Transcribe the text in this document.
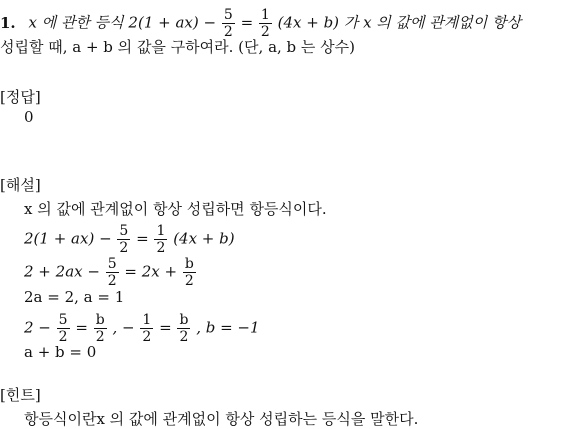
1. x 에 관한 등식 $2(1 + ax) - \frac{5}{2} = \frac{1}{2} (4x + b)$ 가 x 의 값에 관계없이 항상
성립할 때, a + b 의 값을 구하여라. (단, a, b 는 상수)
[정답]
0
[해설]
x 의 값에 관계없이 항상 성립하면 항등식이다.
$2(1 + ax) - \frac{5}{2} = \frac{1}{2} (4x + b)$
$2 + 2ax - \frac{5}{2} = 2x + \frac{b}{2}$
2a = 2, a = 1
$2 - \frac{5}{2} = \frac{b}{2}$ , − $\frac{1}{2} = \frac{b}{2}$ , b = −1
a + b = 0
[힌트]
항등식이란x 의 값에 관계없이 항상 성립하는 등식을 말한다.
